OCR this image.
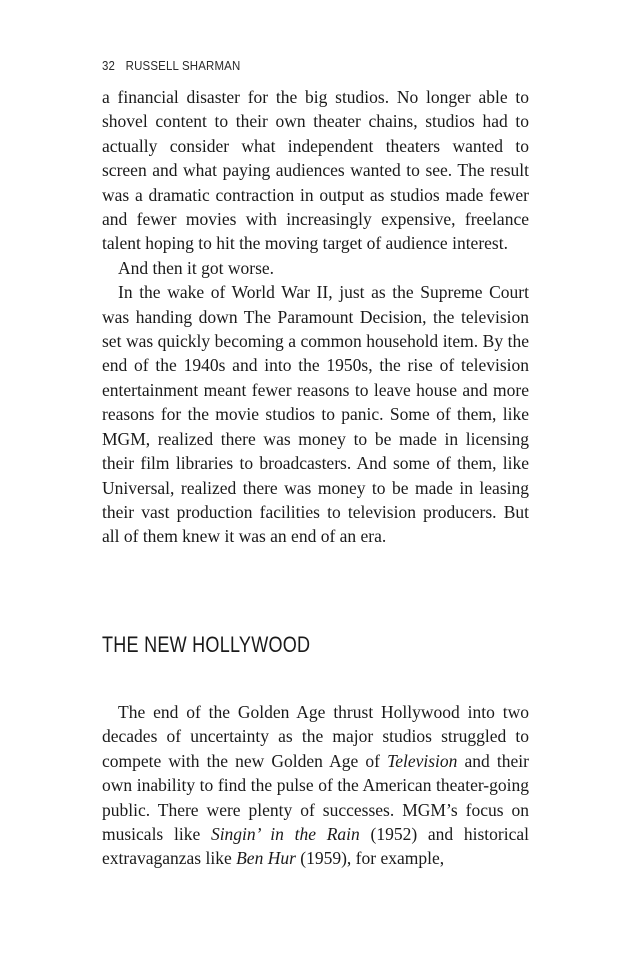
32 RUSSELL SHARMAN

a financial disaster for the big studios. No longer able to shovel content to their own theater chains, studios had to actually consider what independent theaters wanted to screen and what paying audiences wanted to see. The result was a dramatic contraction in output as studios made fewer and fewer movies with increasingly expensive, freelance talent hoping to hit the moving target of audience interest.

And then it got worse.

In the wake of World War II, just as the Supreme Court was handing down The Paramount Decision, the television set was quickly becoming a common household item. By the end of the 1940s and into the 1950s, the rise of television entertainment meant fewer reasons to leave house and more reasons for the movie studios to panic. Some of them, like MGM, realized there was money to be made in licensing their film libraries to broadcasters. And some of them, like Universal, realized there was money to be made in leasing their vast production facilities to television producers. But all of them knew it was an end of an era.

THE NEW HOLLYWOOD

The end of the Golden Age thrust Hollywood into two decades of uncertainty as the major studios struggled to compete with the new Golden Age of Television and their own inability to find the pulse of the American theater-going public. There were plenty of successes. MGM’s focus on musicals like Singin’ in the Rain (1952) and historical extravaganzas like Ben Hur (1959), for example,
